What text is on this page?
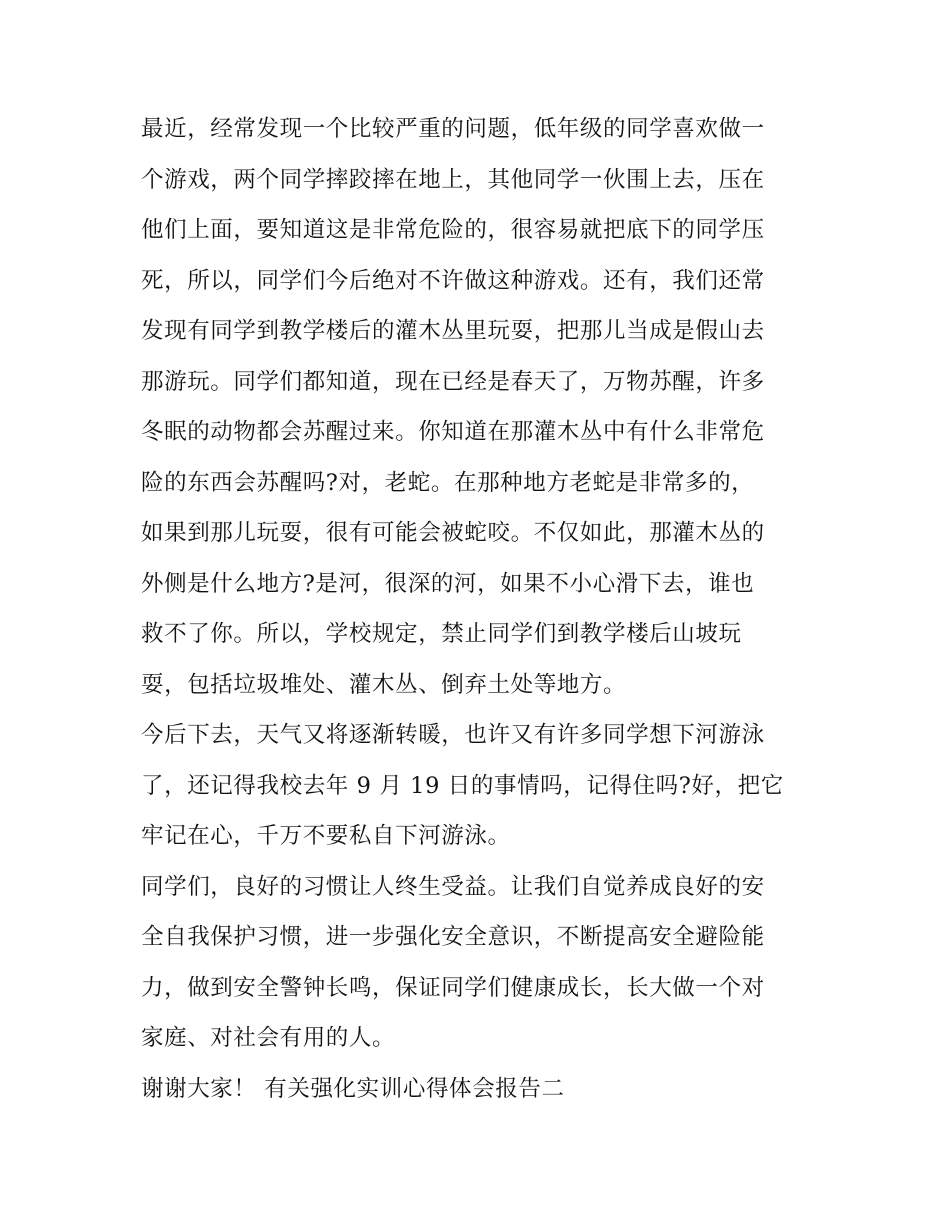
最近，经常发现一个比较严重的问题，低年级的同学喜欢做一
个游戏，两个同学摔跤摔在地上，其他同学一伙围上去，压在
他们上面，要知道这是非常危险的，很容易就把底下的同学压
死，所以，同学们今后绝对不许做这种游戏。还有，我们还常
发现有同学到教学楼后的灌木丛里玩耍，把那儿当成是假山去
那游玩。同学们都知道，现在已经是春天了，万物苏醒，许多
冬眠的动物都会苏醒过来。你知道在那灌木丛中有什么非常危
险的东西会苏醒吗?对，老蛇。在那种地方老蛇是非常多的，
如果到那儿玩耍，很有可能会被蛇咬。不仅如此，那灌木丛的
外侧是什么地方?是河，很深的河，如果不小心滑下去，谁也
救不了你。所以，学校规定，禁止同学们到教学楼后山坡玩
耍，包括垃圾堆处、灌木丛、倒弃土处等地方。
今后下去，天气又将逐渐转暖，也许又有许多同学想下河游泳
了，还记得我校去年 9 月 19 日的事情吗，记得住吗?好，把它
牢记在心，千万不要私自下河游泳。
同学们，良好的习惯让人终生受益。让我们自觉养成良好的安
全自我保护习惯，进一步强化安全意识，不断提高安全避险能
力，做到安全警钟长鸣，保证同学们健康成长，长大做一个对
家庭、对社会有用的人。
谢谢大家！ 有关强化实训心得体会报告二
